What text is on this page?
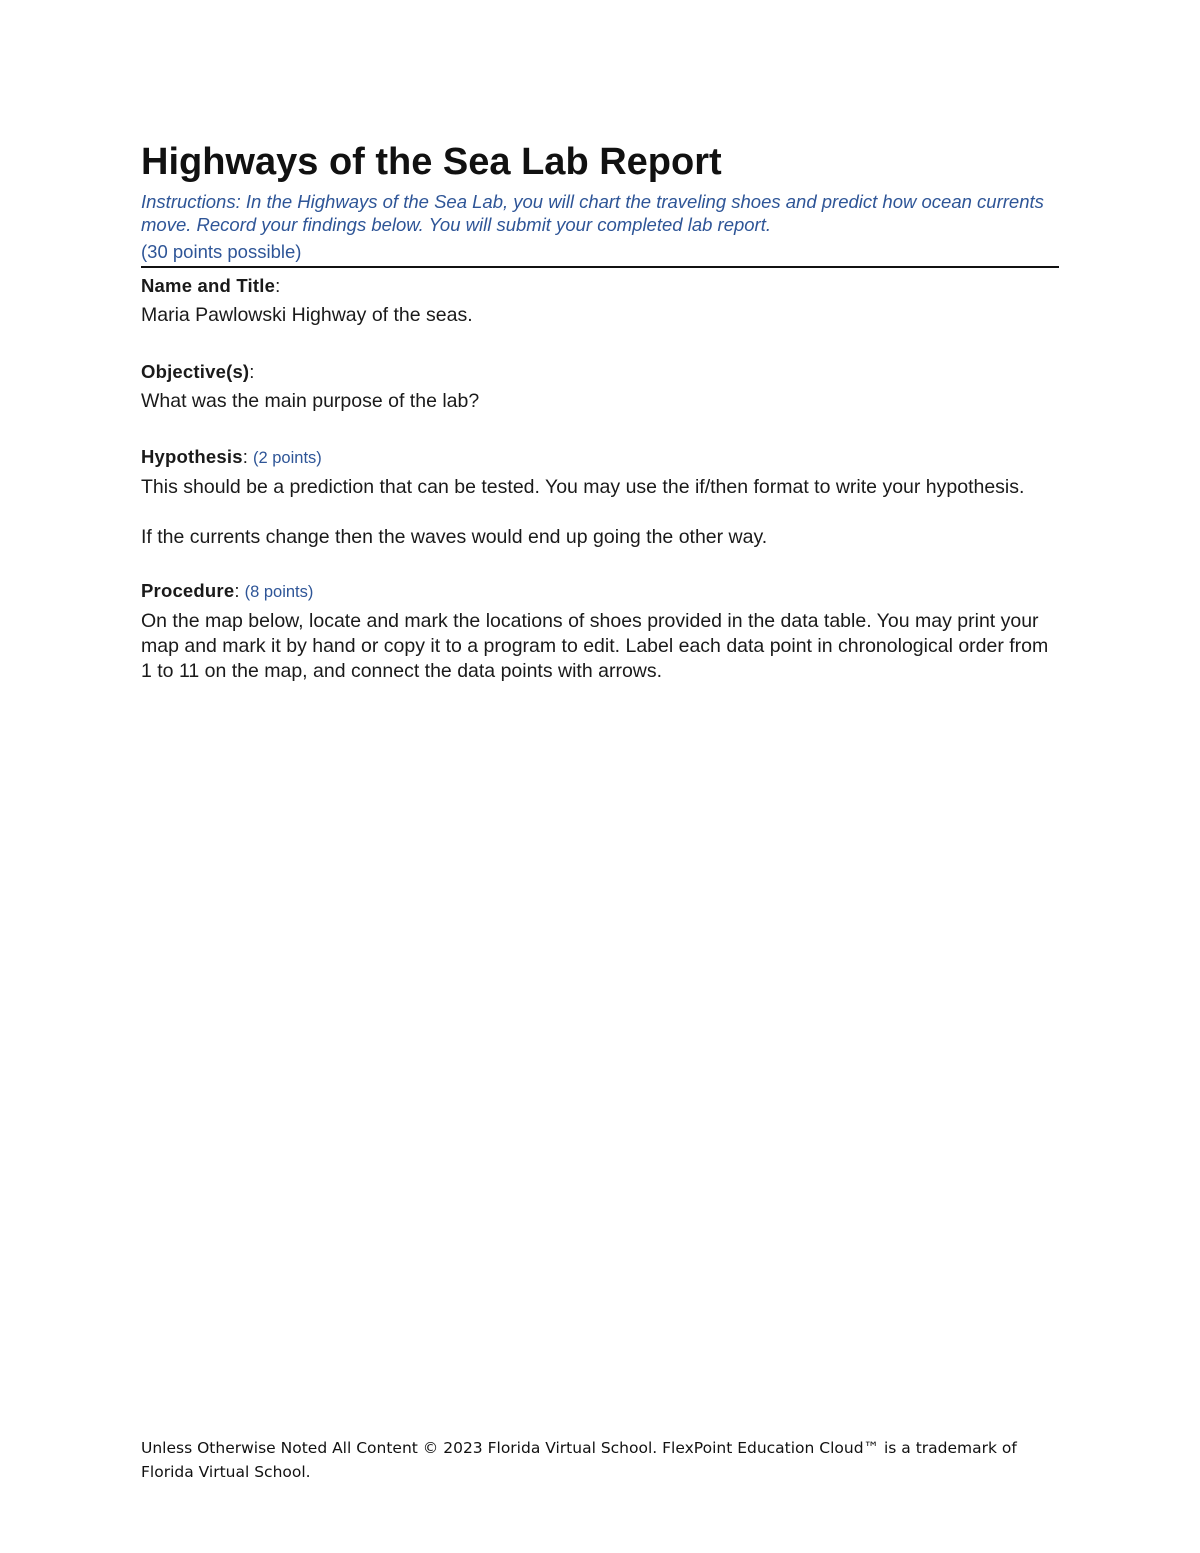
Highways of the Sea Lab Report

Instructions: In the Highways of the Sea Lab, you will chart the traveling shoes and predict how ocean currents move. Record your findings below. You will submit your completed lab report.

(30 points possible)

Name and Title:

Maria Pawlowski Highway of the seas.

Objective(s):

What was the main purpose of the lab?

Hypothesis: (2 points)

This should be a prediction that can be tested. You may use the if/then format to write your hypothesis.

If the currents change then the waves would end up going the other way.

Procedure: (8 points)

On the map below, locate and mark the locations of shoes provided in the data table. You may print your map and mark it by hand or copy it to a program to edit. Label each data point in chronological order from 1 to 11 on the map, and connect the data points with arrows.

Unless Otherwise Noted All Content © 2023 Florida Virtual School. FlexPoint Education Cloud™ is a trademark of Florida Virtual School.
